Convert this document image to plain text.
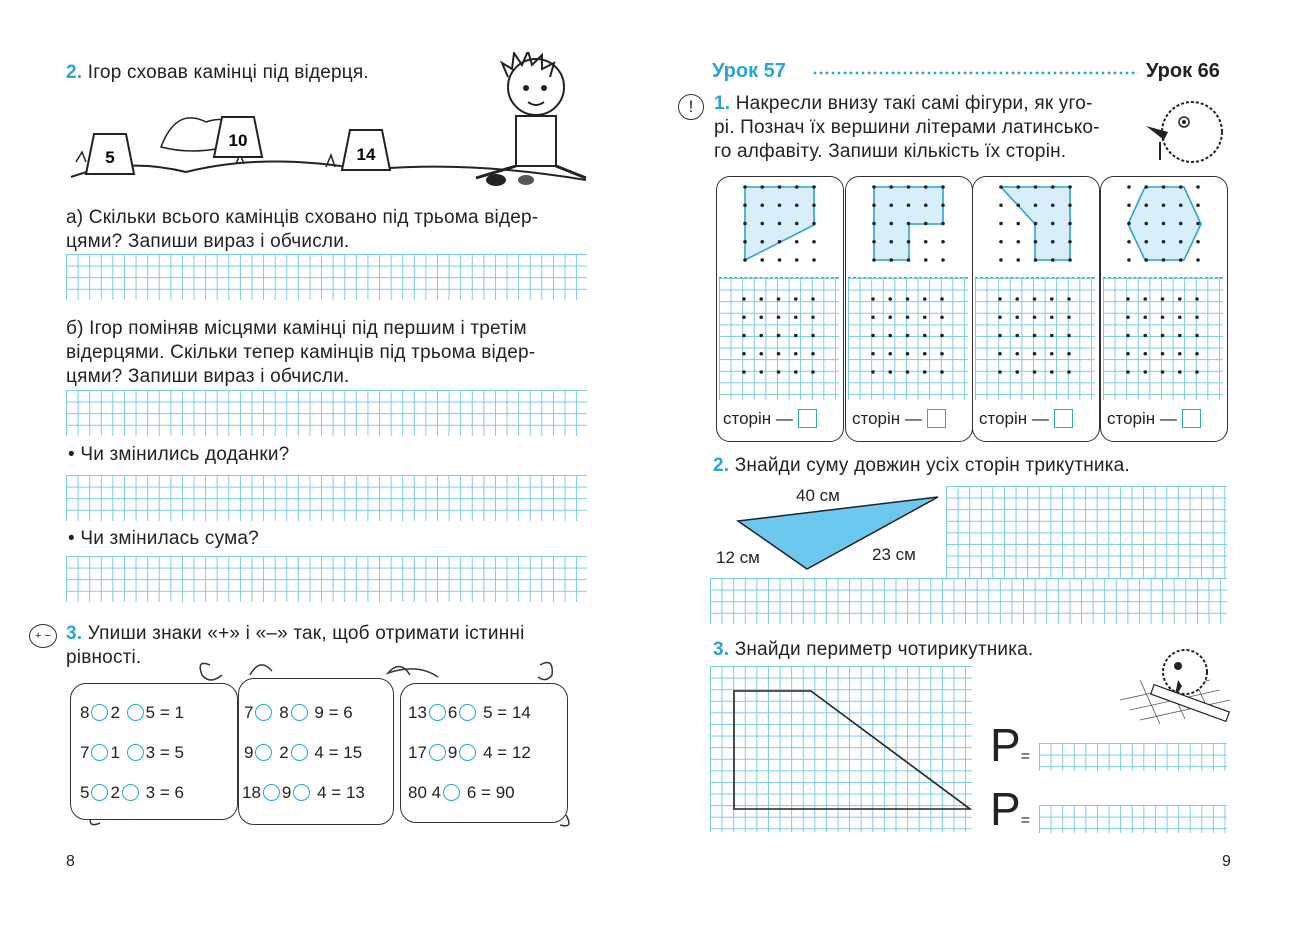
2. Ігор сховав камінці під відерця.
5
10
14
а) Скільки всього камінців сховано під трьома відер-
цями? Запиши вираз і обчисли.
б) Ігор поміняв місцями камінці під першим і третім
відерцями. Скільки тепер камінців під трьома відер-
цями? Запиши вираз і обчисли.
• Чи змінились доданки?
• Чи змінилась сума?
+ − 3. Упиши знаки «+» і «–» так, щоб отримати істинні
рівності.
8 2 5 = 1
7 1 3 = 5
5 2 3 = 6
7 8 9 = 6
9 2 4 = 15
18 9 4 = 13
13 6 5 = 14
17 9 4 = 12
80 4 6 = 90
8
Урок 57	Урок 66
!	1. Накресли внизу такі самі фігури, як уго-
рі. Познач їх вершини літерами латинсько-
го алфавіту. Запиши кількість їх сторін.
сторін —	сторін —	сторін —	сторін —
2. Знайди суму довжин усіх сторін трикутника.
40 см
12 см	23 см
3. Знайди периметр чотирикутника.
P=
P=
9
